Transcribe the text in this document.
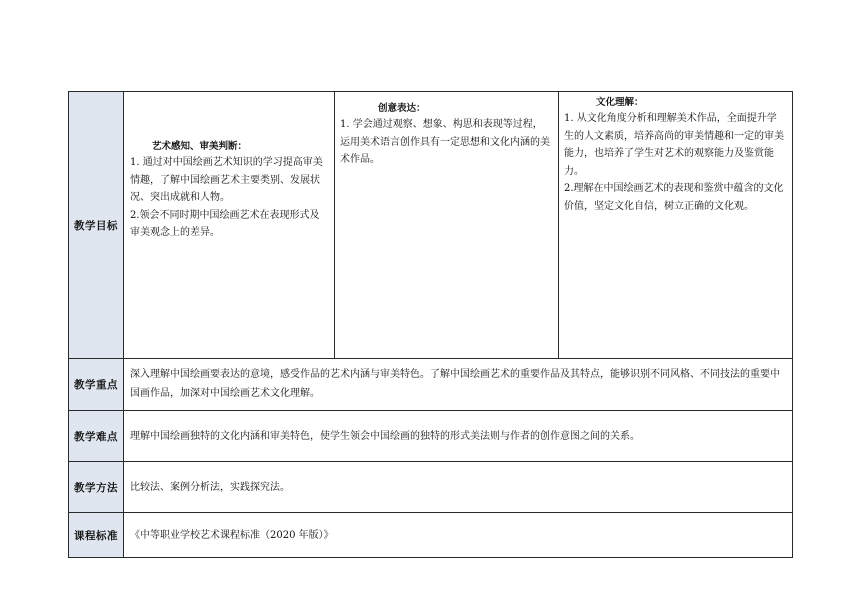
教学目标	艺术感知、审美判断：
1. 通过对中国绘画艺术知识的学习提高审美情趣，了解中国绘画艺术主要类别、发展状况、突出成就和人物。
2.领会不同时期中国绘画艺术在表现形式及审美观念上的差异。	创意表达：
1. 学会通过观察、想象、构思和表现等过程，运用美术语言创作具有一定思想和文化内涵的美术作品。	文化理解：
1. 从文化角度分析和理解美术作品，全面提升学生的人文素质，培养高尚的审美情趣和一定的审美能力，也培养了学生对艺术的观察能力及鉴赏能力。
2.理解在中国绘画艺术的表现和鉴赏中蕴含的文化价值，坚定文化自信，树立正确的文化观。

教学重点	深入理解中国绘画要表达的意境，感受作品的艺术内涵与审美特色。了解中国绘画艺术的重要作品及其特点，能够识别不同风格、不同技法的重要中国画作品，加深对中国绘画艺术文化理解。		
教学难点	理解中国绘画独特的文化内涵和审美特色，使学生领会中国绘画的独特的形式美法则与作者的创作意图之间的关系。		
教学方法	比较法、案例分析法，实践探究法。		
课程标准	《中等职业学校艺术课程标准（2020 年版）》		
